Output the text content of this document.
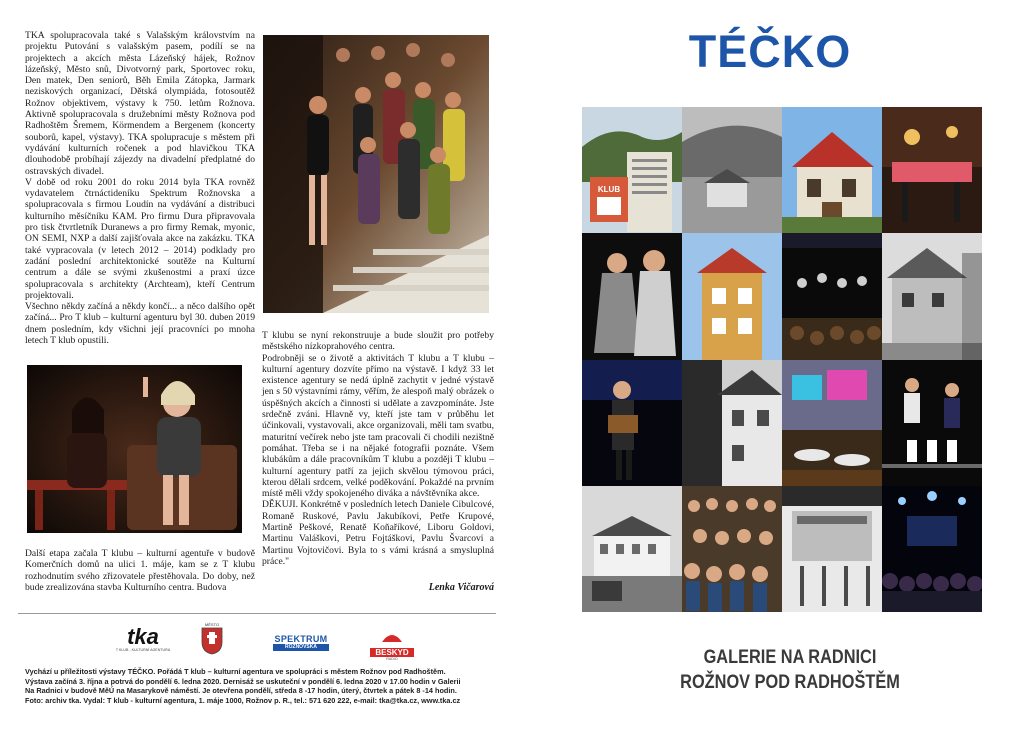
TKA spolupracovala také s Valašským královstvím na projektu Putování s valašským pasem, podílí se na projektech a akcích města Lázeňský hájek, Rožnov lázeňský, Město snů, Divotvorný park, Sportovec roku, Den matek, Den seniorů, Běh Emila Zátopka, Jarmark neziskových organizací, Dětská olympiáda, fotosoutěž Rožnov objektivem, výstavy k 750. letům Rožnova. Aktivně spolupracovala s družebními městy Rožnova pod Radhoštěm Šremem, Körmendem a Bergenem (koncerty souborů, kapel, výstavy). TKA spolupracuje s městem při vydávání kulturních ročenek a pod hlavičkou TKA dlouhodobě probíhají zájezdy na divadelní předplatné do ostravských divadel.

V době od roku 2001 do roku 2014 byla TKA rovněž vydavatelem čtrnáctideníku Spektrum Rožnovska a spolupracovala s firmou Loudín na vydávání a distribuci kulturního měsíčníku KAM. Pro firmu Dura připravovala pro tisk čtvrtletník Duranews a pro firmy Remak, myonic, ON SEMI, NXP a další zajišťovala akce na zakázku. TKA také vypracovala (v letech 2012 – 2014) podklady pro zadání poslední architektonické soutěže na Kulturní centrum a dále se svými zkušenostmi a praxí úzce spolupracovala s architekty (Archteam), kteří Centrum projektovali.

Všechno někdy začíná a někdy končí... a něco dalšího opět začíná... Pro T klub – kulturní agenturu byl 30. duben 2019 dnem posledním, kdy všichni její pracovníci po mnoha letech T klub opustili.

Další etapa začala T klubu – kulturní agentuře v budově Komerčních domů na ulici 1. máje, kam se z T klubu rozhodnutím svého zřizovatele přestěhovala. Do doby, než bude zrealizována stavba Kulturního centra. Budova

T klubu se nyní rekonstruuje a bude sloužit pro potřeby městského nízkoprahového centra.

Podrobněji se o životě a aktivitách T klubu a T klubu – kulturní agentury dozvíte přímo na výstavě. I když 33 let existence agentury se nedá úplně zachytit v jedné výstavě jen s 50 výstavními rámy, věřím, že alespoň malý obrázek o úspěšných akcích a činnosti si udělate a zavzpomínáte. Jste srdečně zváni. Hlavně vy, kteří jste tam v průběhu let účinkovali, vystavovali, akce organizovali, měli tam svatbu, maturitní večírek nebo jste tam pracovali či chodili nezištně pomáhat. Třeba se i na nějaké fotografii poznáte. Všem klubákům a dále pracovníkům T klubu a později T klubu – kulturní agentury patří za jejich skvělou týmovou práci, kterou dělali srdcem, velké poděkování. Pokaždé na prvním místě měli vždy spokojeného diváka a návštěvníka akce.

DĚKUJI. Konkrétně v posledních letech Daniele Cibulcové, Romaně Ruskové, Pavlu Jakubíkovi, Petře Krupové, Martině Peškové, Renatě Koňaříkové, Liboru Goldovi, Martinu Valáškovi, Petru Fojtáškovi, Pavlu Švarcovi a Martinu Vojtovičovi. Byla to s vámi krásná a smysluplná práce."

Lenka Vičarová
tka
T KLUB - KULTURNÍ AGENTURA
MĚSTO
SPEKTRUM
ROŽNOVSKA
BESKYD
RADIO
Vychází u příležitosti výstavy TÉČKO. Pořádá T klub – kulturní agentura ve spolupráci s městem Rožnov pod Radhoštěm.
Výstava začíná 3. října a potrvá do pondělí 6. ledna 2020. Dernisáž se uskuteční v pondělí 6. ledna 2020 v 17.00 hodin v Galerii
Na Radnici v budově MěÚ na Masarykově náměstí. Je otevřena pondělí, středa 8 -17 hodin, úterý, čtvrtek a pátek 8 -14 hodin.
Foto: archiv tka. Vydal: T klub - kulturní agentura, 1. máje 1000, Rožnov p. R., tel.: 571 620 222, e-mail: tka@tka.cz, www.tka.cz
TÉČKO
KLUB
GALERIE NA RADNICI
ROŽNOV POD RADHOŠTĚM
